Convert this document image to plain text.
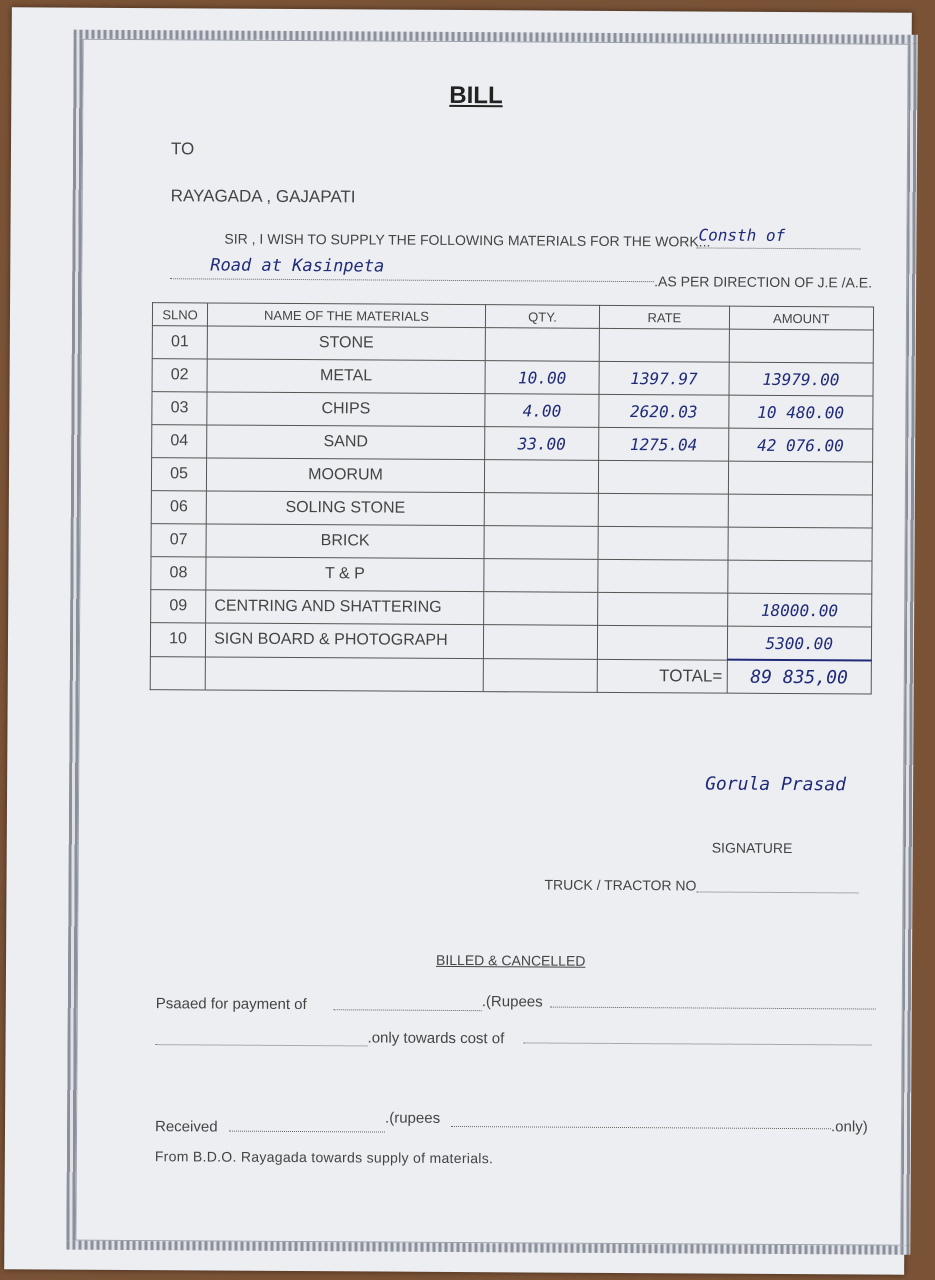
BILL
TO
RAYAGADA , GAJAPATI
SIR , I WISH TO SUPPLY THE FOLLOWING MATERIALS FOR THE WORK...
Consth of
Road at Kasinpeta
.AS PER DIRECTION OF J.E /A.E.
SLNO	NAME OF THE MATERIALS	QTY.	RATE	AMOUNT
01	STONE			
02	METAL	10.00	1397.97	13979.00
03	CHIPS	4.00	2620.03	10 480.00
04	SAND	33.00	1275.04	42 076.00
05	MOORUM			
06	SOLING STONE			
07	BRICK			
08	T & P			
09	CENTRING AND SHATTERING			18000.00
10	SIGN BOARD & PHOTOGRAPH			5300.00
			TOTAL=	89 835,00
Gorula Prasad
SIGNATURE
TRUCK / TRACTOR NO
BILLED & CANCELLED
Psaaed for payment of	.(Rupees
.only towards cost of
Received	.(rupees
.only)
From B.D.O. Rayagada towards supply of materials.
